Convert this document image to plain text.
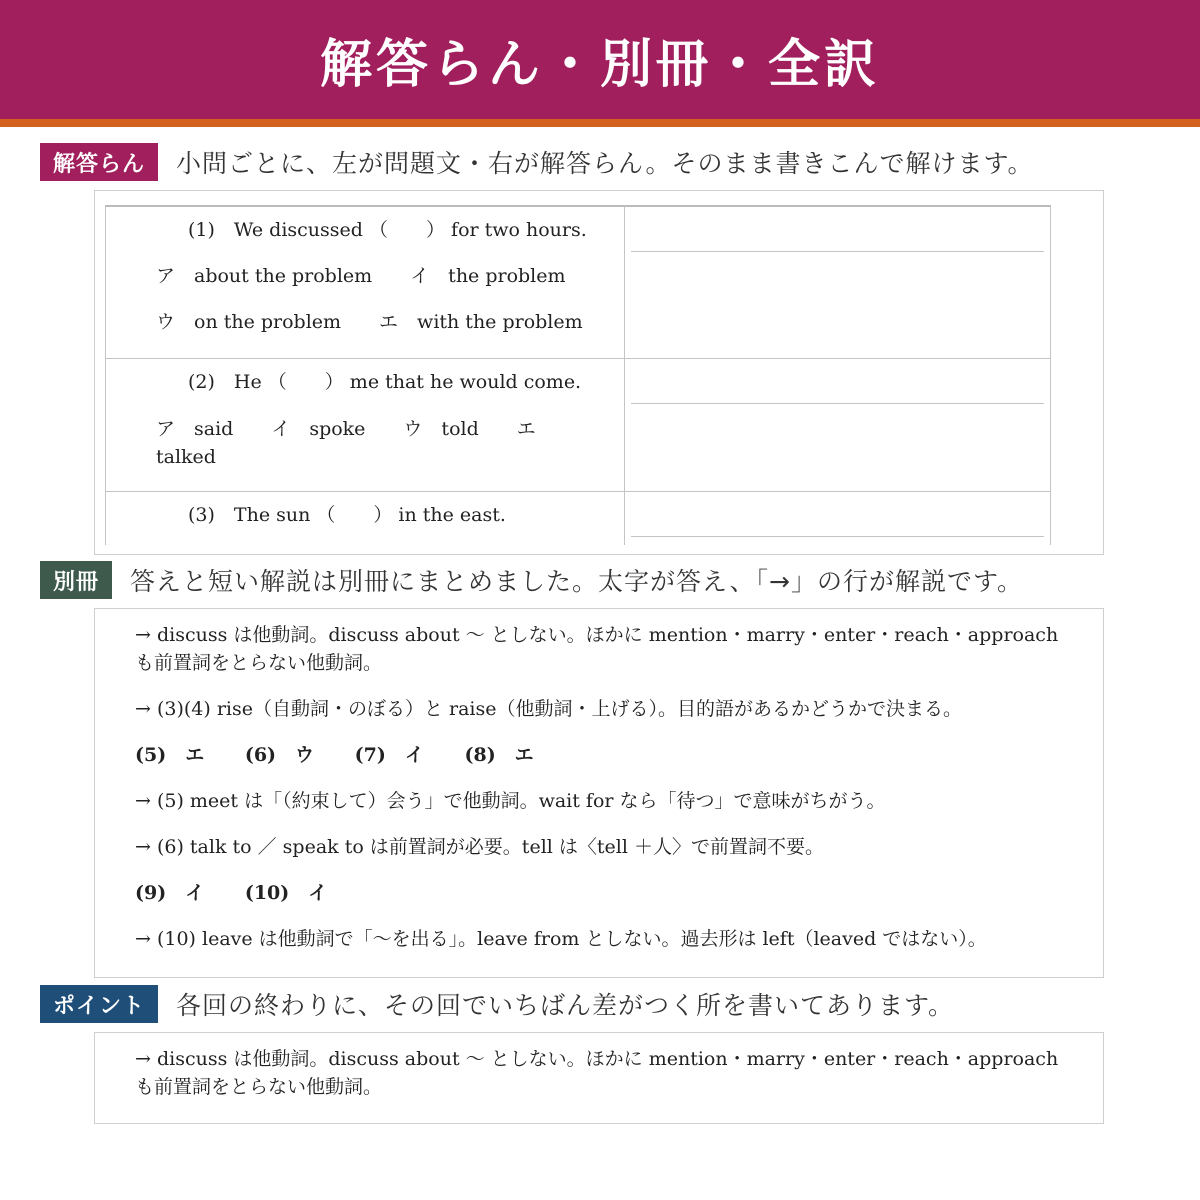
解答らん・別冊・全訳
解答らん	小問ごとに、左が問題文・右が解答らん。そのまま書きこんで解けます。
(1)　We discussed （　　） for two hours.
ア　about the problem　　イ　the problem
ウ　on the problem　　エ　with the problem
(2)　He （　　） me that he would come.
ア　said　　イ　spoke　　ウ　told　　エ　talked
(3)　The sun （　　） in the east.
別冊	答えと短い解説は別冊にまとめました。太字が答え、「→」の行が解説です。
→ discuss は他動詞。discuss about 〜 としない。ほかに mention・marry・enter・reach・approach も前置詞をとらない他動詞。
→ (3)(4) rise（自動詞・のぼる）と raise（他動詞・上げる）。目的語があるかどうかで決まる。
(5)　エ (6)　ウ (7)　イ (8)　エ
→ (5) meet は「（約束して）会う」で他動詞。wait for なら「待つ」で意味がちがう。
→ (6) talk to ／ speak to は前置詞が必要。tell は〈tell ＋人〉で前置詞不要。
(9)　イ (10)　イ
→ (10) leave は他動詞で「〜を出る」。leave from としない。過去形は left（leaved ではない）。
ポイント	各回の終わりに、その回でいちばん差がつく所を書いてあります。
→ discuss は他動詞。discuss about 〜 としない。ほかに mention・marry・enter・reach・approach も前置詞をとらない他動詞。
